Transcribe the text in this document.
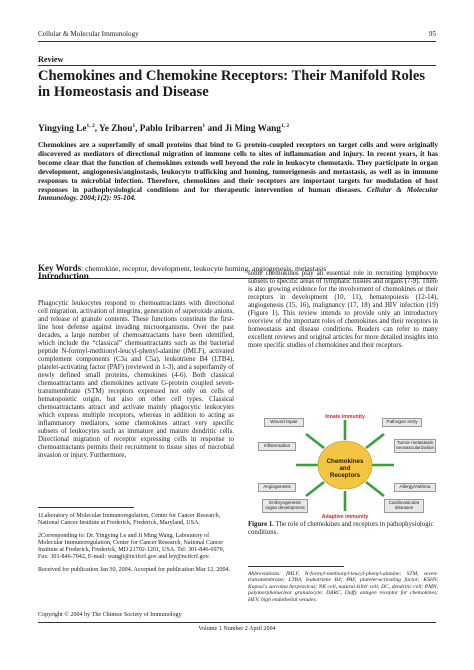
Cellular & Molecular Immunology	95
Review
Chemokines and Chemokine Receptors: Their Manifold Roles in Homeostasis and Disease
Yingying Le$^{1, 2}$, Ye Zhou$^1$, Pablo Iribarren$^1$ and Ji Ming Wang$^{1, 2}$
Chemokines are a superfamily of small proteins that bind to G protein-coupled receptors on target cells and were originally discovered as mediators of directional migration of immune cells to sites of inflammation and injury. In recent years, it has become clear that the function of chemokines extends well beyond the role in leukocyte chemotaxis. They participate in organ development, angiogenesis/angiostasis, leukocyte trafficking and homing, tumorigenesis and metastasis, as well as in immune responses to microbial infection. Therefore, chemokines and their receptors are important targets for modulation of host responses in pathophysiological conditions and for therapeutic intervention of human diseases. Cellular & Molecular Immunology. 2004;1(2): 95-104.
Key Words: chemokine, receptor, development, leukocyte homing, angiogenesis, metastasis
Introduction
Phagocytic leukocytes respond to chemoattractants with directional cell migration, activation of integrins, generation of superoxide anions, and release of granule contents. These functions constitute the first-line host defense against invading microorganisms. Over the past decades, a large number of chemoattractants have been identified, which include the “classical” chemoattractants such as the bacterial peptide N-formyl-methionyl-leucyl-phenyl-alanine (fMLF), activated complement components (C3a and C5a), leukotriene B4 (LTB4), platelet-activating factor (PAF) (reviewed in 1-3), and a superfamily of newly defined small proteins, chemokines (4-6). Both classical chemoattractants and chemokines activate G-protein coupled seven-transmembrane (STM) receptors expressed not only on cells of hematopoietic origin, but also on other cell types. Classical chemoattractants attract and activate mainly phagocytic leukocytes which express multiple receptors, whereas in addition to acting as inflammatory mediators, some chemokines attract very specific subsets of leukocytes such as immature and mature dendritic cells. Directional migration of receptor expressing cells in response to chemoattractants permits their recruitment to tissue sites of microbial invasion or injury. Furthermore,
some chemokines play an essential role in recruiting lymphocyte subsets to specific areas of lymphatic tissues and organs (7-9). There is also growing evidence for the involvement of chemokines or their receptors in development (10, 11), hematopoiesis (12-14), angiogenesis (15, 16), malignancy (17, 18) and HIV infection (19) (Figure 1). This review intends to provide only an introductory overview of the important roles of chemokines and their receptors in homeostasis and disease conditions. Readers can refer to many excellent reviews and original articles for more detailed insights into more specific studies of chemokines and their receptors.
Innate immunity
Chemokines
and
Receptors
Adaptive immunity
Wound repair	Pathogen entry
Inflammation
Tumor metastasis neovascularization
Angiogenesis	Allergy/Asthma
Embryogenesis organ development
Cardiovascular diseases
Figure 1. The role of chemokines and receptors in pathophysiologic conditions.

1Laboratory of Molecular Immunoregulation, Center for Cancer Research, National Cancer Institute at Frederick, Frederick, Maryland, USA.

2Corresponding to: Dr. Yingying Le and Ji Ming Wang, Laboratory of Molecular Immunoregulation, Center for Cancer Research, National Cancer Institute at Frederick, Frederick, MD 21702-1201, USA. Tel: 301-846-6979, Fax: 301-846-7042, E-mail: wangji@ncifcrf.gov and ley@ncifcrf.gov.

Received for publication Jan 30, 2004. Accepted for publication Mar 12, 2004.

Copyright © 2004 by The Chinese Society of Immunology
Abbreviations: fMLF, N-formyl-methionyl-leucyl-phenyl-alanine; STM, seven-transmembrane; LTB4, leukotriene B4; PAF, platelet-activating factor; KSHV, Kaposi's sarcoma herpesvirus; NK cell, natural killer cell; DC, dendritic cell; PMN, polymorphonuclear granulocyte; DARC, Duffy antigen receptor for chemokines; HEV, high endothelial venules.
Volume 1 Number 2 April 2004
